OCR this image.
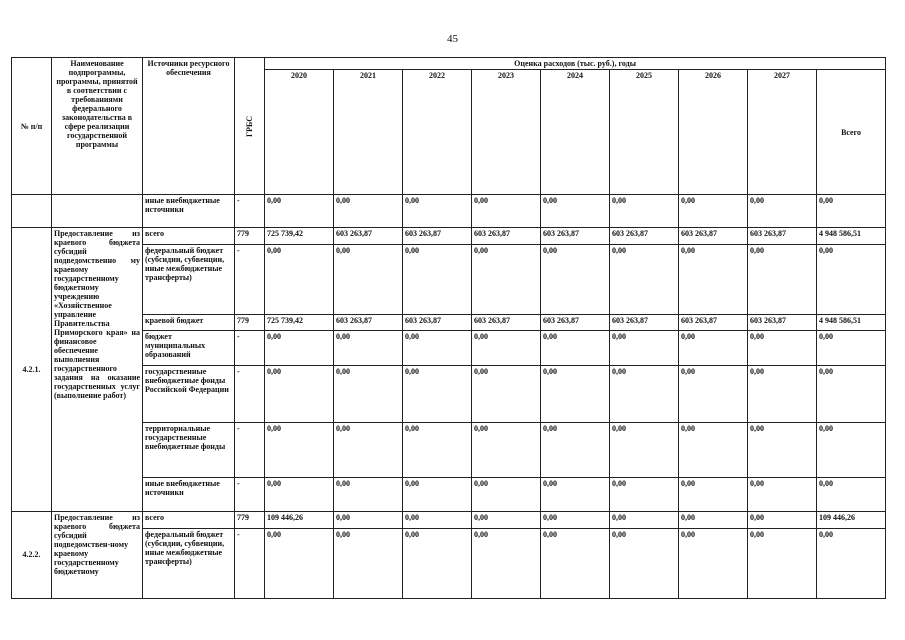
45
№ п/п	Наименование подпрограммы, программы, принятой в соответствии с требованиями федерального законодательства в сфере реализации государственной программы	Источники ресурсного обеспечения	ГРБС	Оценка расходов (тыс. руб.), годы								
				2020	2021	2022	2023	2024	2025	2026	2027	Всего
		иные внебюджетные источники	-	0,00	0,00	0,00	0,00	0,00	0,00	0,00	0,00	0,00
4.2.1.	Предоставление из краевого бюджета субсидий подведомственно му краевому государственному бюджетному учреждению «Хозяйственное управление Правительства Приморского края» на финансовое обеспечение выполнения государственного задания на оказание государственных услуг (выполнение работ)	всего	779	725 739,42	603 263,87	603 263,87	603 263,87	603 263,87	603 263,87	603 263,87	603 263,87	4 948 586,51
		федеральный бюджет (субсидии, субвенции, иные межбюджетные трансферты)	-	0,00	0,00	0,00	0,00	0,00	0,00	0,00	0,00	0,00
		краевой бюджет	779	725 739,42	603 263,87	603 263,87	603 263,87	603 263,87	603 263,87	603 263,87	603 263,87	4 948 586,51
		бюджет муниципальных образований	-	0,00	0,00	0,00	0,00	0,00	0,00	0,00	0,00	0,00
		государственные внебюджетные фонды Российской Федерации	-	0,00	0,00	0,00	0,00	0,00	0,00	0,00	0,00	0,00
		территориальные государственные внебюджетные фонды	-	0,00	0,00	0,00	0,00	0,00	0,00	0,00	0,00	0,00
		иные внебюджетные источники	-	0,00	0,00	0,00	0,00	0,00	0,00	0,00	0,00	0,00
4.2.2.	Предоставление из краевого бюджета субсидий подведомствен-ному краевому государственному бюджетному	всего	779	109 446,26	0,00	0,00	0,00	0,00	0,00	0,00	0,00	109 446,26
		федеральный бюджет (субсидии, субвенции, иные межбюджетные трансферты)	-	0,00	0,00	0,00	0,00	0,00	0,00	0,00	0,00	0,00
